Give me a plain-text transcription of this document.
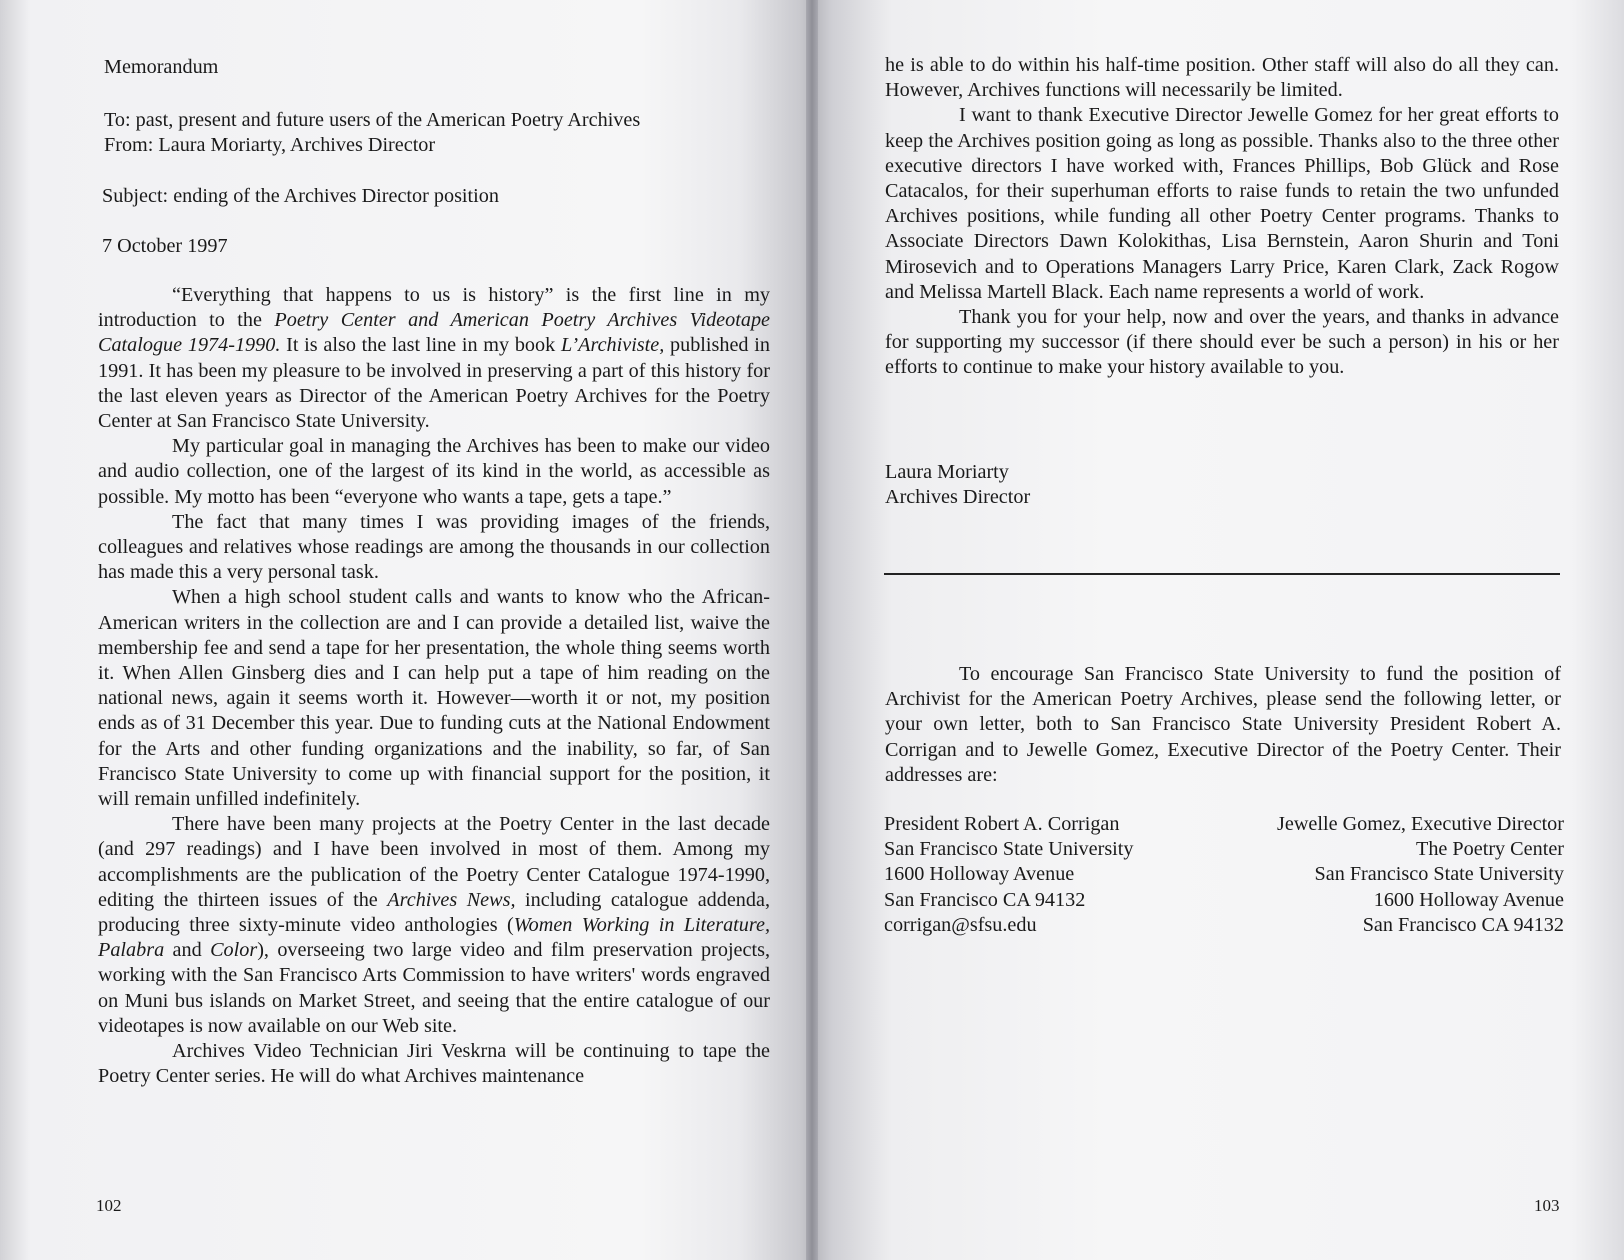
Memorandum
To: past, present and future users of the American Poetry Archives
From: Laura Moriarty, Archives Director
Subject: ending of the Archives Director position
7 October 1997

“Everything that happens to us is history” is the first line in my introduction to the Poetry Center and American Poetry Archives Videotape Catalogue 1974-1990. It is also the last line in my book L’Archiviste, published in 1991. It has been my pleasure to be involved in preserving a part of this history for the last eleven years as Director of the American Poetry Archives for the Poetry Center at San Francisco State University.

My particular goal in managing the Archives has been to make our video and audio collection, one of the largest of its kind in the world, as accessible as possible. My motto has been “everyone who wants a tape, gets a tape.”

The fact that many times I was providing images of the friends, colleagues and relatives whose readings are among the thousands in our collection has made this a very personal task.

When a high school student calls and wants to know who the African-American writers in the collection are and I can provide a detailed list, waive the membership fee and send a tape for her presentation, the whole thing seems worth it. When Allen Ginsberg dies and I can help put a tape of him reading on the national news, again it seems worth it. However—worth it or not, my position ends as of 31 December this year. Due to funding cuts at the National Endowment for the Arts and other funding organizations and the inability, so far, of San Francisco State University to come up with financial support for the position, it will remain unfilled indefinitely.

There have been many projects at the Poetry Center in the last decade (and 297 readings) and I have been involved in most of them. Among my accomplishments are the publication of the Poetry Center Catalogue 1974-1990, editing the thirteen issues of the Archives News, including catalogue addenda, producing three sixty-minute video anthologies (Women Working in Literature, Palabra and Color), overseeing two large video and film preservation projects, working with the San Francisco Arts Commission to have writers' words engraved on Muni bus islands on Market Street, and seeing that the entire catalogue of our videotapes is now available on our Web site.

Archives Video Technician Jiri Veskrna will be continuing to tape the Poetry Center series. He will do what Archives maintenance

102

he is able to do within his half-time position. Other staff will also do all they can. However, Archives functions will necessarily be limited.

I want to thank Executive Director Jewelle Gomez for her great efforts to keep the Archives position going as long as possible. Thanks also to the three other executive directors I have worked with, Frances Phillips, Bob Glück and Rose Catacalos, for their superhuman efforts to raise funds to retain the two unfunded Archives positions, while funding all other Poetry Center programs. Thanks to Associate Directors Dawn Kolokithas, Lisa Bernstein, Aaron Shurin and Toni Mirosevich and to Operations Managers Larry Price, Karen Clark, Zack Rogow and Melissa Martell Black. Each name represents a world of work.

Thank you for your help, now and over the years, and thanks in advance for supporting my successor (if there should ever be such a person) in his or her efforts to continue to make your history available to you.

Laura Moriarty
Archives Director

To encourage San Francisco State University to fund the position of Archivist for the American Poetry Archives, please send the following letter, or your own letter, both to San Francisco State University President Robert A. Corrigan and to Jewelle Gomez, Executive Director of the Poetry Center. Their addresses are:

President Robert A. Corrigan
San Francisco State University
1600 Holloway Avenue
San Francisco CA 94132
corrigan@sfsu.edu
Jewelle Gomez, Executive Director
The Poetry Center
San Francisco State University
1600 Holloway Avenue
San Francisco CA 94132
103
